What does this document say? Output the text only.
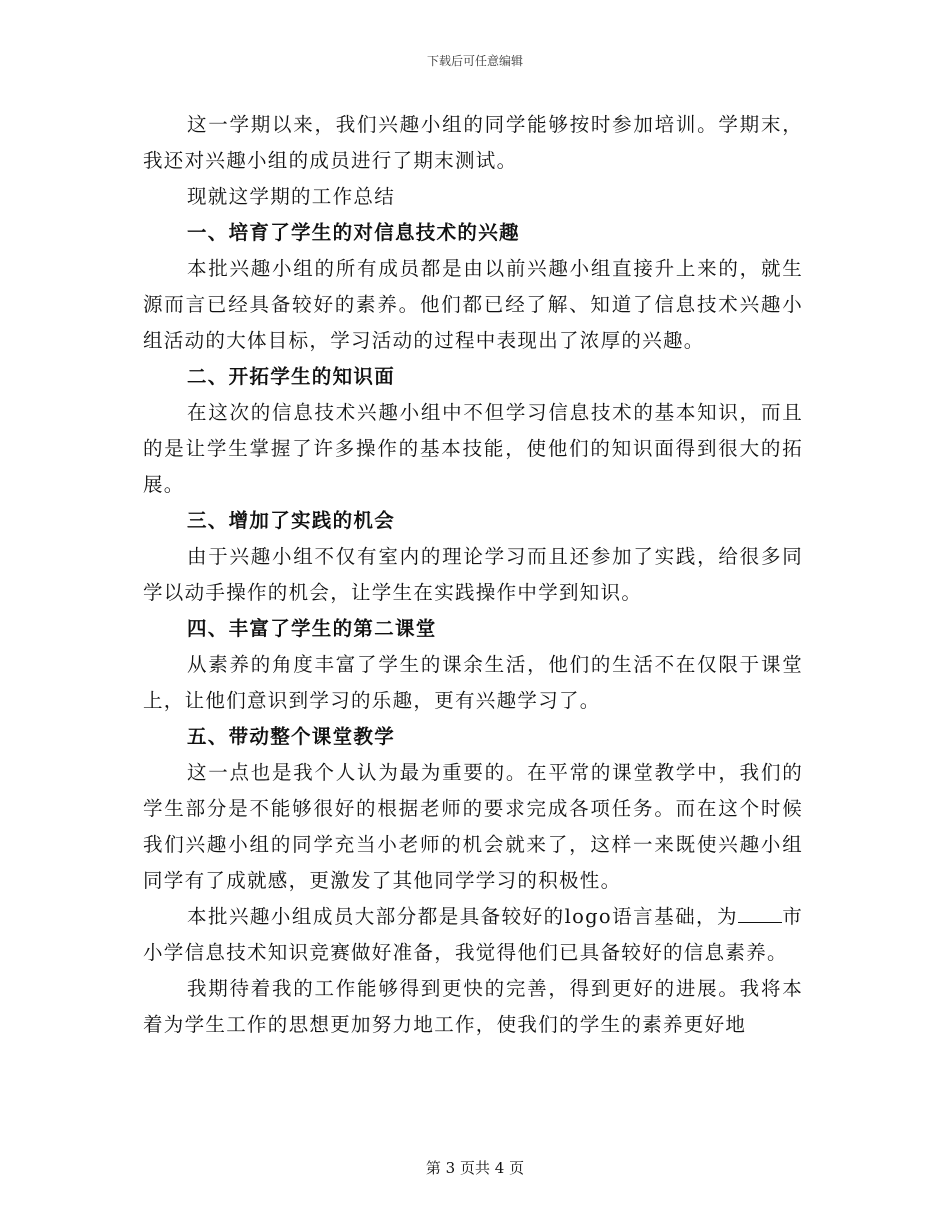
下载后可任意编辑

这一学期以来，我们兴趣小组的同学能够按时参加培训。学期末，我还对兴趣小组的成员进行了期末测试。

现就这学期的工作总结

一、培育了学生的对信息技术的兴趣

本批兴趣小组的所有成员都是由以前兴趣小组直接升上来的，就生源而言已经具备较好的素养。他们都已经了解、知道了信息技术兴趣小组活动的大体目标，学习活动的过程中表现出了浓厚的兴趣。

二、开拓学生的知识面

在这次的信息技术兴趣小组中不但学习信息技术的基本知识，而且的是让学生掌握了许多操作的基本技能，使他们的知识面得到很大的拓展。

三、增加了实践的机会

由于兴趣小组不仅有室内的理论学习而且还参加了实践，给很多同学以动手操作的机会，让学生在实践操作中学到知识。

四、丰富了学生的第二课堂

从素养的角度丰富了学生的课余生活，他们的生活不在仅限于课堂上，让他们意识到学习的乐趣，更有兴趣学习了。

五、带动整个课堂教学

这一点也是我个人认为最为重要的。在平常的课堂教学中，我们的学生部分是不能够很好的根据老师的要求完成各项任务。而在这个时候我们兴趣小组的同学充当小老师的机会就来了，这样一来既使兴趣小组同学有了成就感，更激发了其他同学学习的积极性。

本批兴趣小组成员大部分都是具备较好的logo语言基础，为 市小学信息技术知识竞赛做好准备，我觉得他们已具备较好的信息素养。

我期待着我的工作能够得到更快的完善，得到更好的进展。我将本着为学生工作的思想更加努力地工作，使我们的学生的素养更好地

第 3 页共 4 页
